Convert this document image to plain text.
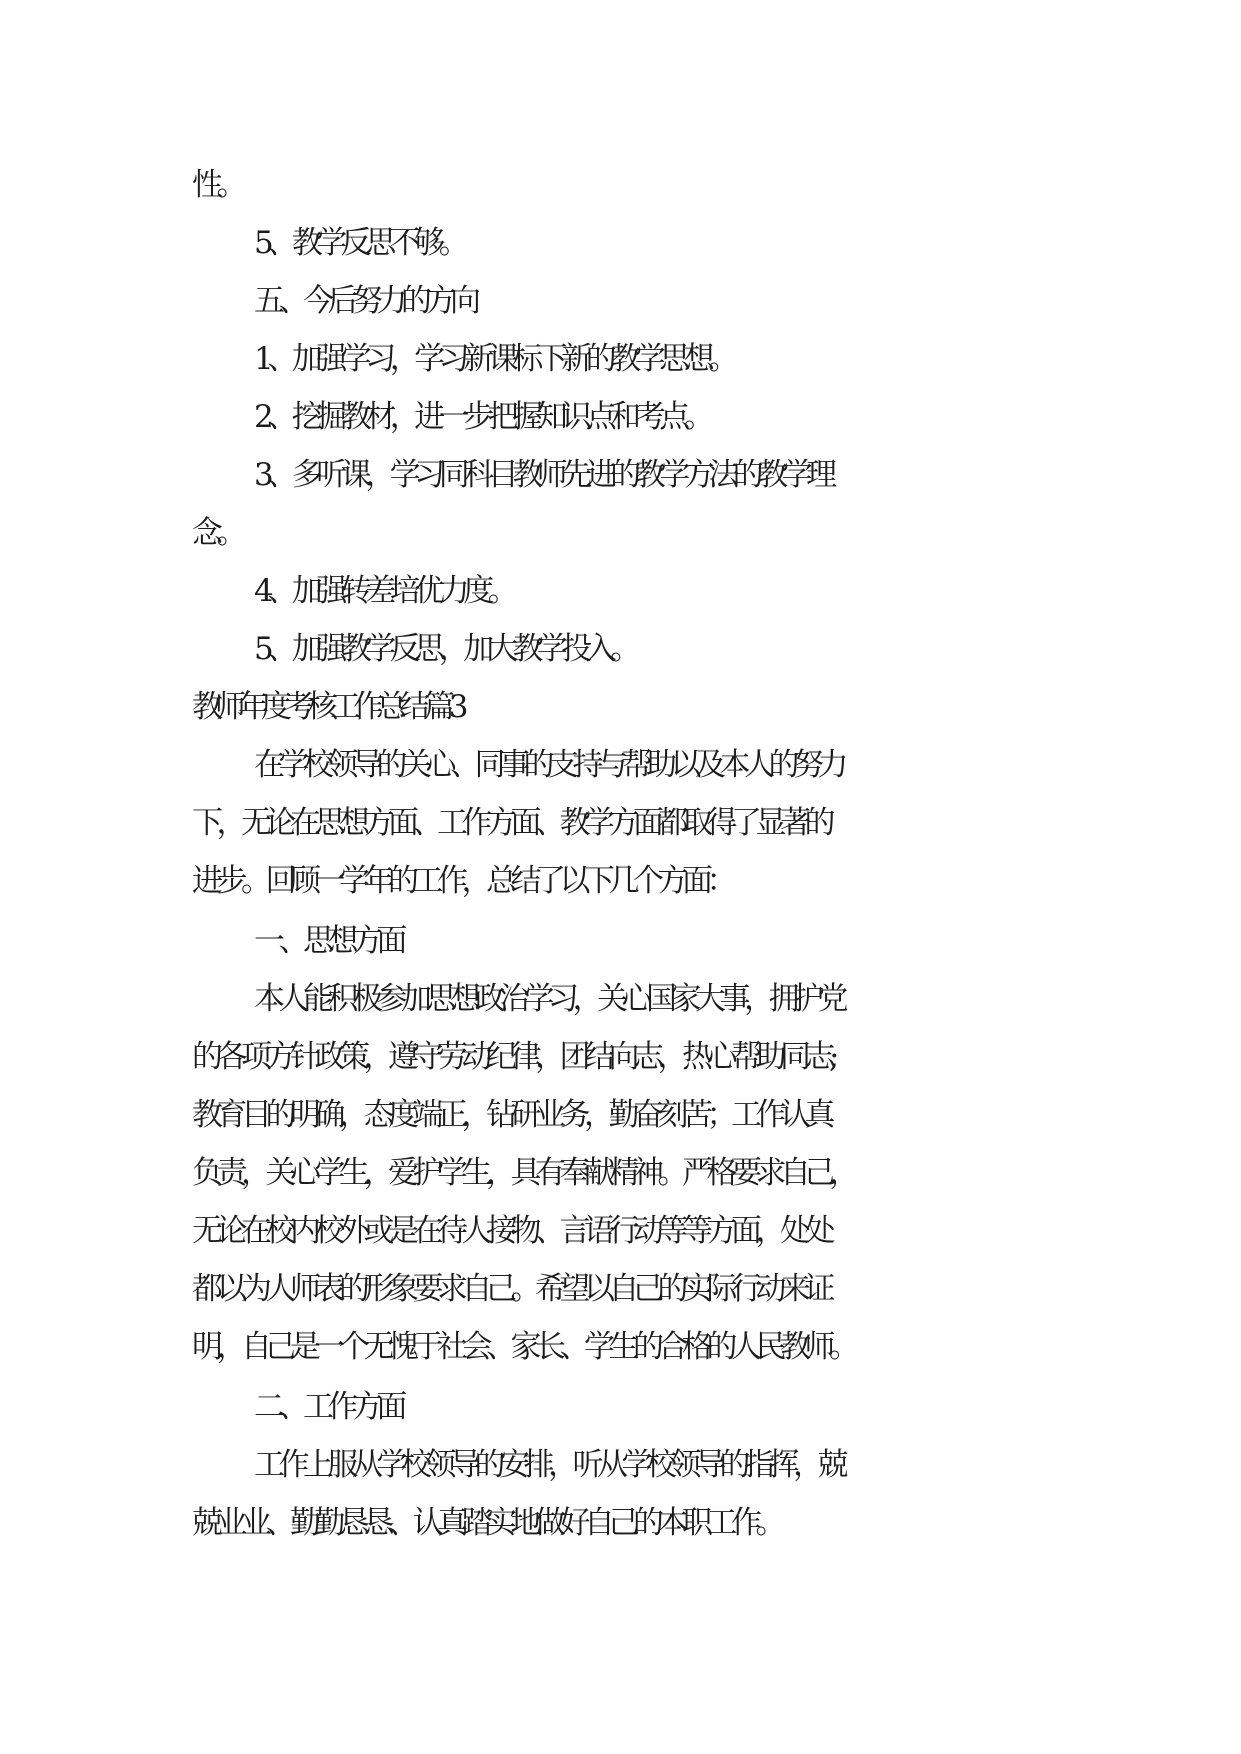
性。
5、教学反思不够。
五、今后努力的方向
1、加强学习，学习新课标下新的教学思想。
2、挖掘教材，进一步把握知识点和考点。
3、多听课，学习同科目教师先进的教学方法的教学理
念。
4、加强转差培优力度。
5、加强教学反思，加大教学投入。
教师年度考核工作总结 篇 3
在学校领导的关心、同事的支持与帮助以及本人的努力
下，无论在思想方面、工作方面、教学方面都取得了显著的
进步。回顾一学年的工作，总结了以下几个方面：
一、思想方面
本人能积极参加思想政治学习，关心国家大事，拥护党
的各项方针政策，遵守劳动纪律，团结向志，热心帮助同志;
教育目的明确，态度端正，钻研业务，勤奋刻苦；工作认真
负责，关心学生，爱护学生，具有奉献精神。严格要求自己，
无论在校内校外或是在待人接物、言语行动等等方面，处处
都以为人师表的形象要求自己。希望以自己的实际行动来证
明，自己是一个无愧于社会、家长、学生的合格的人民教师。
二、工作方面
工作上服从学校领导的安排，听从学校领导的指挥，兢
兢业业、勤勤恳恳、认真踏实地做好自己的本职工作。
